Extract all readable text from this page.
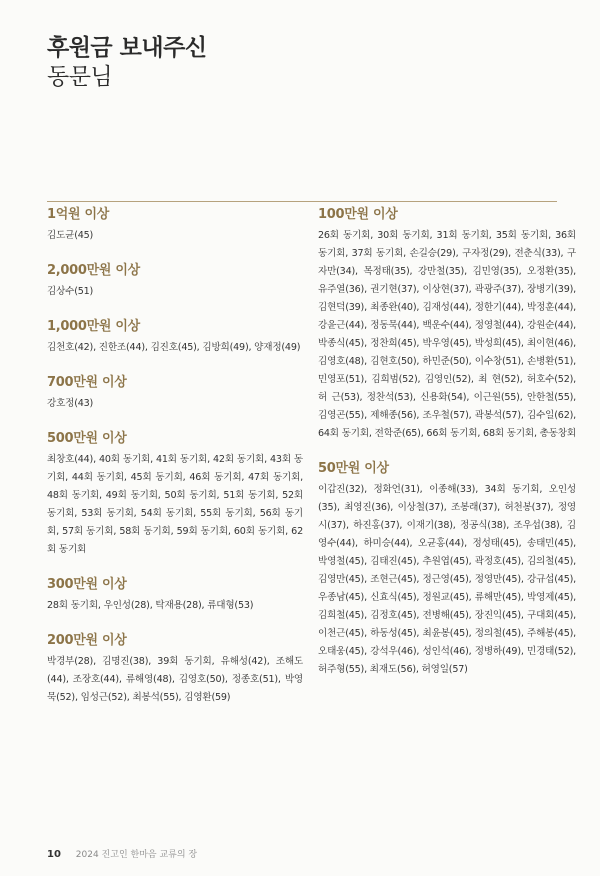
후원금 보내주신
동문님
1억원 이상

김도균(45)

2,000만원 이상

김상수(51)

1,000만원 이상

김천호(42), 진한조(44), 김진호(45), 김방희(49), 양재정(49)

700만원 이상

강호정(43)

500만원 이상

최창호(44), 40회 동기회, 41회 동기회, 42회 동기회, 43회 동기회, 44회 동기회, 45회 동기회, 46회 동기회, 47회 동기회, 48회 동기회, 49회 동기회, 50회 동기회, 51회 동기회, 52회 동기회, 53회 동기회, 54회 동기회, 55회 동기회, 56회 동기회, 57회 동기회, 58회 동기회, 59회 동기회, 60회 동기회, 62회 동기회

300만원 이상

28회 동기회, 우인성(28), 탁재용(28), 류대형(53)

200만원 이상

박경부(28), 김명진(38), 39회 동기회, 유해성(42), 조해도(44), 조장호(44), 류해영(48), 김영호(50), 정종호(51), 박영묵(52), 임성근(52), 최봉석(55), 김영환(59)

100만원 이상

26회 동기회, 30회 동기회, 31회 동기회, 35회 동기회, 36회 동기회, 37회 동기회, 손길승(29), 구자정(29), 전춘식(33), 구자만(34), 목정태(35), 강만철(35), 김민영(35), 오정환(35), 유주열(36), 권기현(37), 이상현(37), 곽광주(37), 장병기(39), 김현덕(39), 최종완(40), 김재성(44), 정한기(44), 박정훈(44), 강윤근(44), 정동묵(44), 백운수(44), 정영철(44), 강원순(44), 박종식(45), 정찬희(45), 박우영(45), 박성희(45), 최이현(46), 김영호(48), 김현호(50), 하민준(50), 이수창(51), 손병환(51), 민영포(51), 김희범(52), 김영인(52), 최 현(52), 허호수(52), 허 근(53), 정찬석(53), 신용화(54), 이근원(55), 안한철(55), 김영곤(55), 제해종(56), 조우철(57), 곽봉석(57), 김수일(62), 64회 동기회, 전학준(65), 66회 동기회, 68회 동기회, 총동창회

50만원 이상

이갑진(32), 정화언(31), 이종해(33), 34회 동기회, 오인성(35), 최영진(36), 이상철(37), 조봉래(37), 허천봉(37), 정영시(37), 하진홍(37), 이재기(38), 정공식(38), 조우섭(38), 김영수(44), 하미승(44), 오균홍(44), 정성태(45), 송태민(45), 박영철(45), 김태진(45), 추원엽(45), 곽정호(45), 김의철(45), 김영만(45), 조현근(45), 정근영(45), 정영만(45), 강규섭(45), 우종남(45), 신효식(45), 정원교(45), 류해만(45), 박영제(45), 김희철(45), 김정호(45), 전병해(45), 장진익(45), 구대회(45), 이천근(45), 하동성(45), 최윤봉(45), 정의철(45), 주해봉(45), 오태웅(45), 강석우(46), 성인석(46), 정병하(49), 민경태(52), 허주형(55), 최재도(56), 허영일(57)

10 2024 진고인 한마음 교류의 장
